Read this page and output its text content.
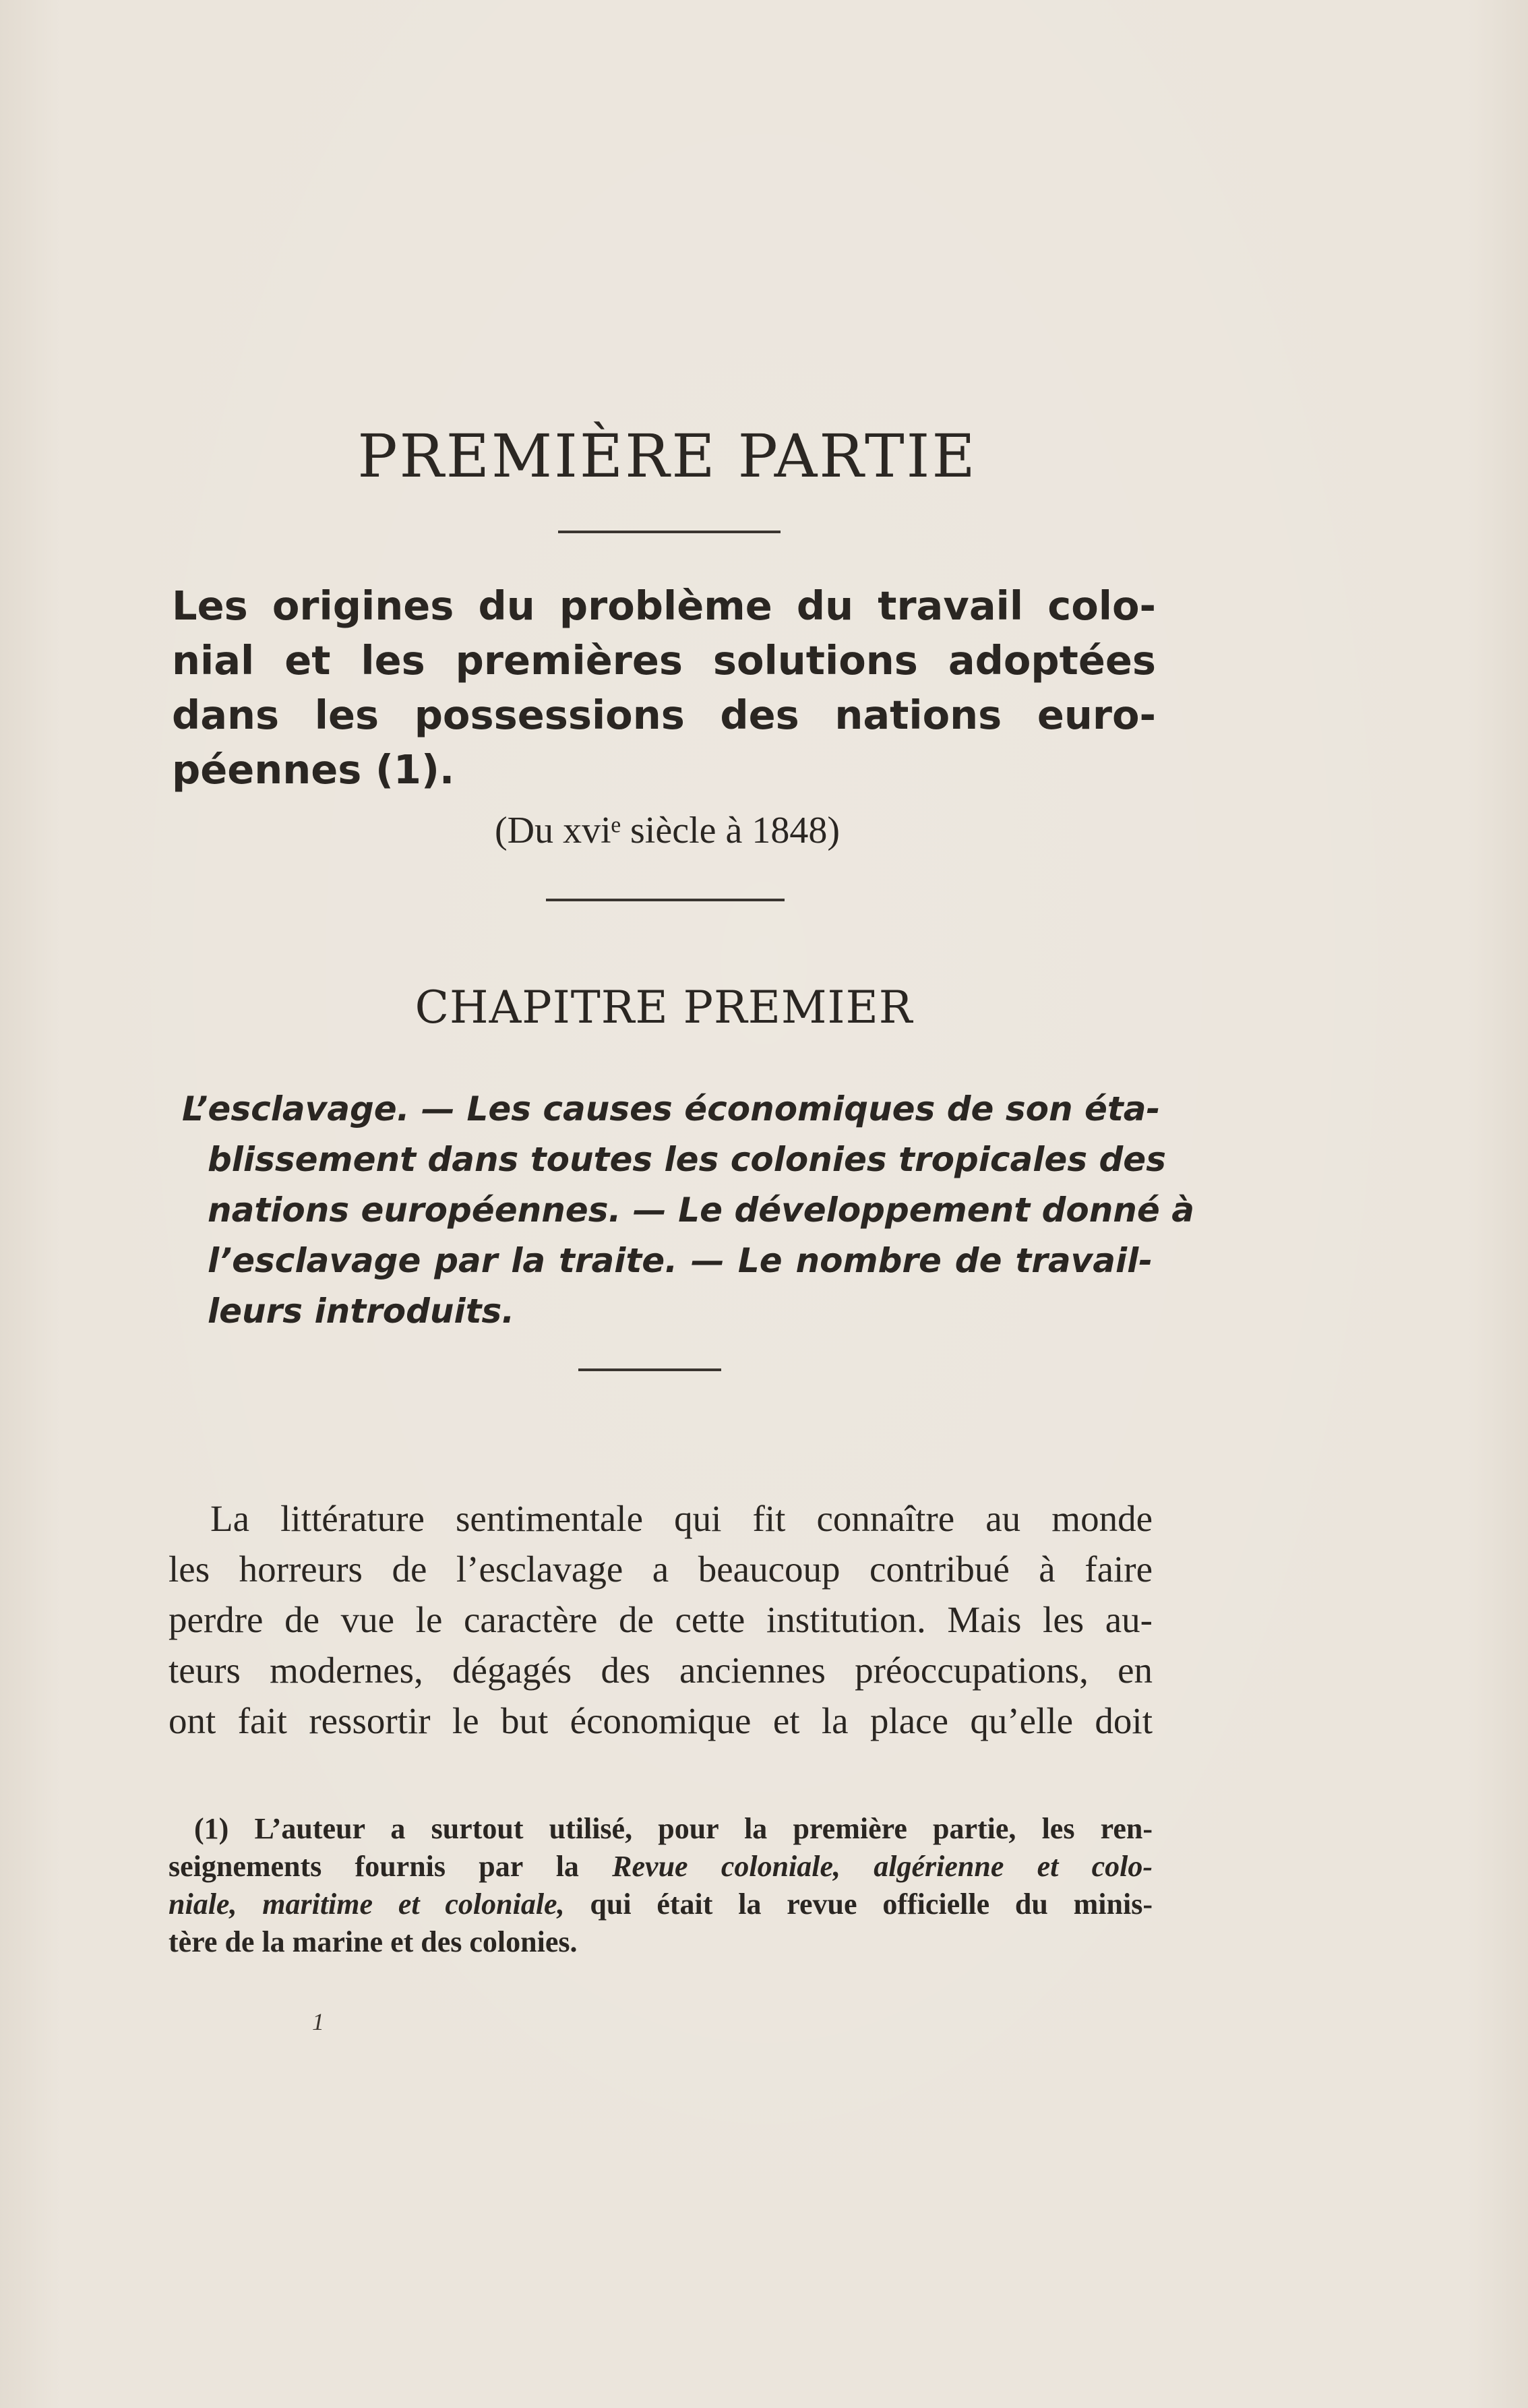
PREMIÈRE PARTIE
Les origines du problème du travail colo-
nial et les premières solutions adoptées
dans les possessions des nations euro-
péennes (1).
(Du xviᵉ siècle à 1848)
CHAPITRE PREMIER
L’esclavage. — Les causes économiques de son éta-
blissement dans toutes les colonies tropicales des
nations européennes. — Le développement donné à
l’esclavage par la traite. — Le nombre de travail-
leurs introduits.
La littérature sentimentale qui fit connaître au monde
les horreurs de l’esclavage a beaucoup contribué à faire
perdre de vue le caractère de cette institution. Mais les au-
teurs modernes, dégagés des anciennes préoccupations, en
ont fait ressortir le but économique et la place qu’elle doit
(1) L’auteur a surtout utilisé, pour la première partie, les ren-
seignements fournis par la Revue coloniale, algérienne et colo-
niale, maritime et coloniale, qui était la revue officielle du minis-
tère de la marine et des colonies.
1
